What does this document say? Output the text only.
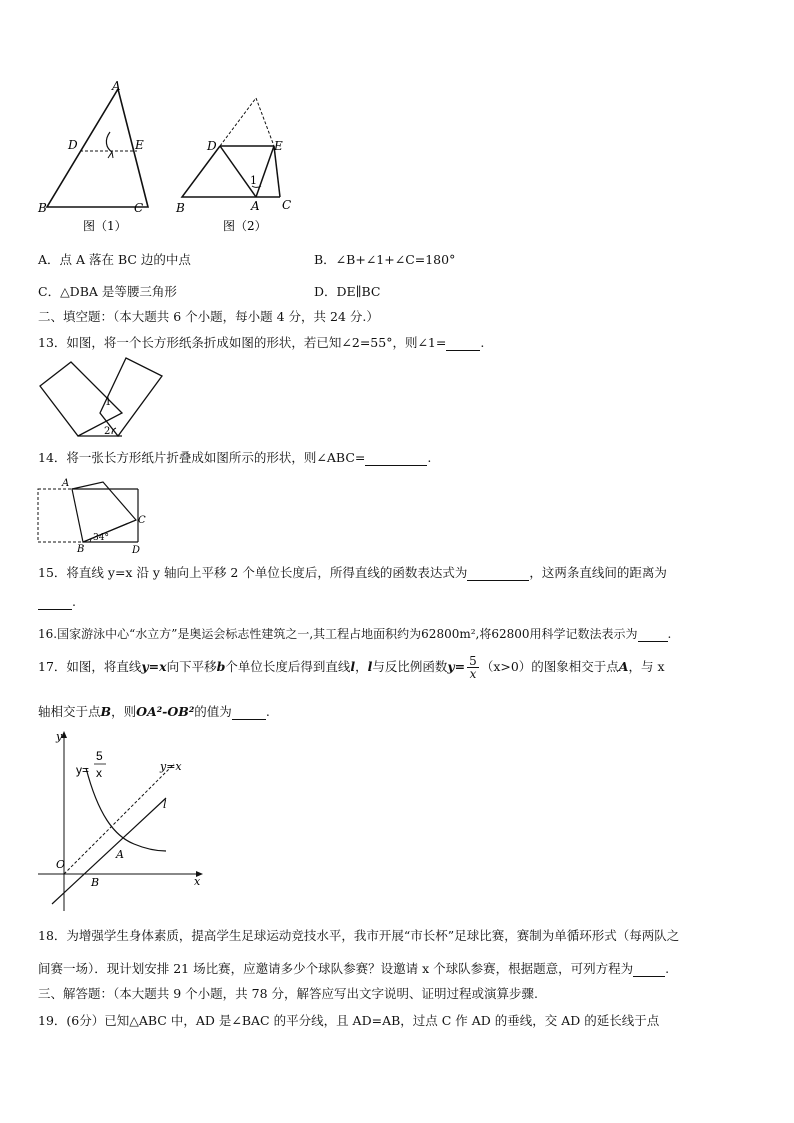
A
D	E
B	C
图（1）
1
D	E
B	A C
图（2）
A．点 A 落在 BC 边的中点	B．∠B+∠1+∠C=180°
C．△DBA 是等腰三角形	D．DE∥BC
二、填空题：（本大题共 6 个小题，每小题 4 分，共 24 分.）
13．如图，将一个长方形纸条折成如图的形状，若已知∠2=55°，则∠1=	.
1
2
14．将一张长方形纸片折叠成如图所示的形状，则∠ABC=	.
A
C
B	D
34°
15．将直线 y=x 沿 y 轴向上平移 2 个单位长度后，所得直线的函数表达式为	，这两条直线间的距离为
.
16.国家游泳中心“水立方”是奥运会标志性建筑之一,其工程占地面积约为62800m²,将62800用科学记数法表示为	.
17．如图，将直线y=x向下平移b个单位长度后得到直线l，l与反比例函数$y= \frac{5}{x} (x>0)$的图象相交于点A，与 x
轴相交于点B，则OA²-OB²的值为	.
y
x
O
A
B
l
y=x
y=
5
x
18．为增强学生身体素质，提高学生足球运动竞技水平，我市开展“市长杯”足球比赛，赛制为单循环形式（每两队之
间赛一场）．现计划安排 21 场比赛，应邀请多少个球队参赛？设邀请 x 个球队参赛，根据题意，可列方程为	.
三、解答题：（本大题共 9 个小题，共 78 分，解答应写出文字说明、证明过程或演算步骤.
19．(6分）已知△ABC 中，AD 是∠BAC 的平分线，且 AD=AB，过点 C 作 AD 的垂线，交 AD 的延长线于点
